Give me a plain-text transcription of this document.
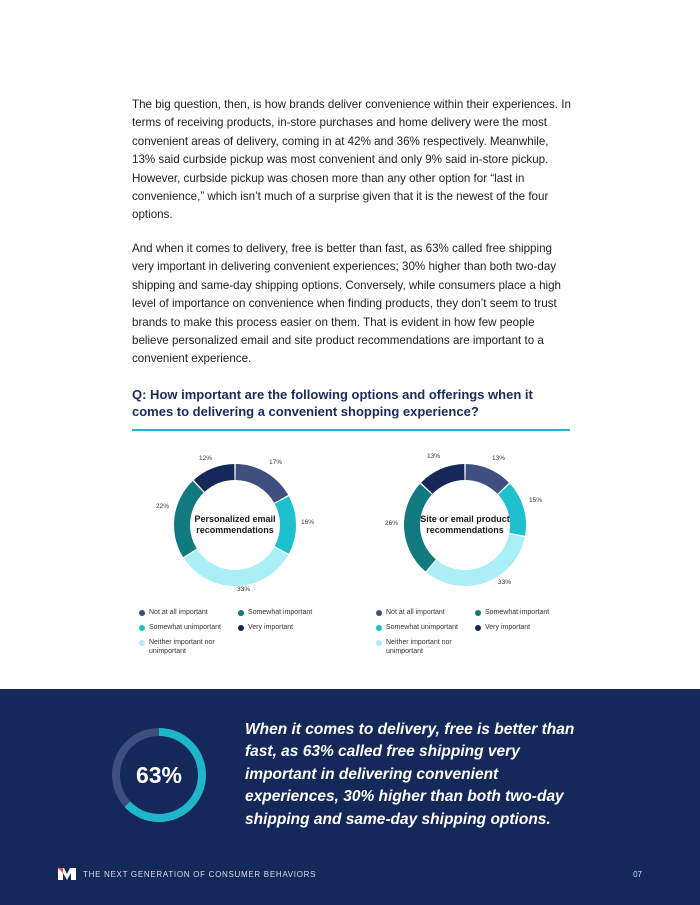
The big question, then, is how brands deliver convenience within their experiences. In terms of receiving products, in-store purchases and home delivery were the most convenient areas of delivery, coming in at 42% and 36% respectively. Meanwhile, 13% said curbside pickup was most convenient and only 9% said in-store pickup. However, curbside pickup was chosen more than any other option for “last in convenience,” which isn’t much of a surprise given that it is the newest of the four options.

And when it comes to delivery, free is better than fast, as 63% called free shipping very important in delivering convenient experiences; 30% higher than both two-day shipping and same-day shipping options. Conversely, while consumers place a high level of importance on convenience when finding products, they don’t seem to trust brands to make this process easier on them. That is evident in how few people believe personalized email and site product recommendations are important to a convenient experience.

Q: How important are the following options and offerings when it comes to delivering a convenient shopping experience?
Personalized email
recommendations
17%
16%
33%
22%
12%
Site or email product
recommendations
13%
15%
33%
26%
13%
Not at all important	Somewhat important
Somewhat unimportant	Very important
Neither important nor
unimportant
Not at all important	Somewhat important
Somewhat unimportant	Very important
Neither important nor
unimportant
63%
When it comes to delivery, free is better than fast, as 63% called free shipping very important in delivering convenient experiences, 30% higher than both two-day shipping and same-day shipping options.
THE NEXT GENERATION OF CONSUMER BEHAVIORS	07
